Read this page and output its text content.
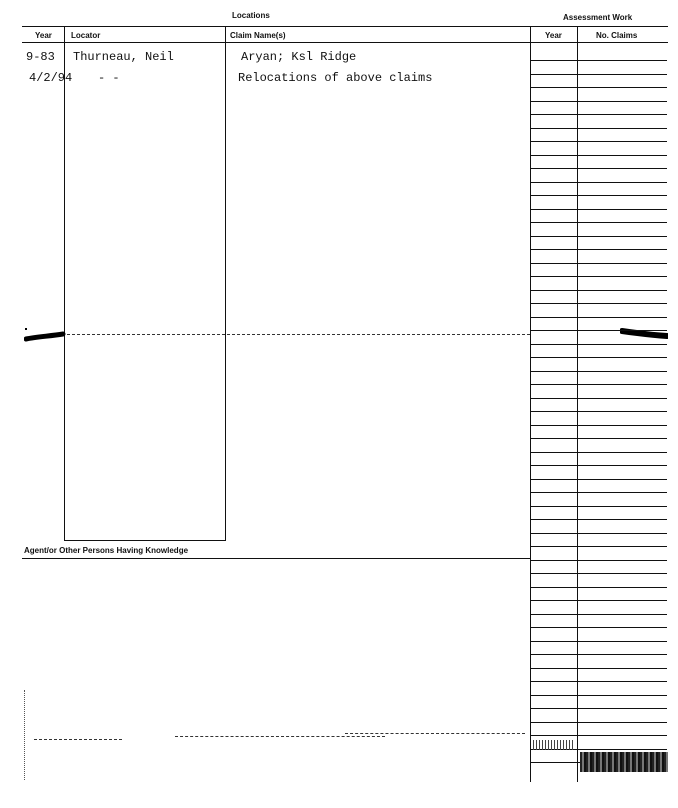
Locations	Assessment Work
Year Locator	Claim Name(s)	Year	No. Claims
9-83 Thurneau, Neil	Aryan; Ksl Ridge
4/2/94 - -	Relocations of above claims
Agent/or Other Persons Having Knowledge
